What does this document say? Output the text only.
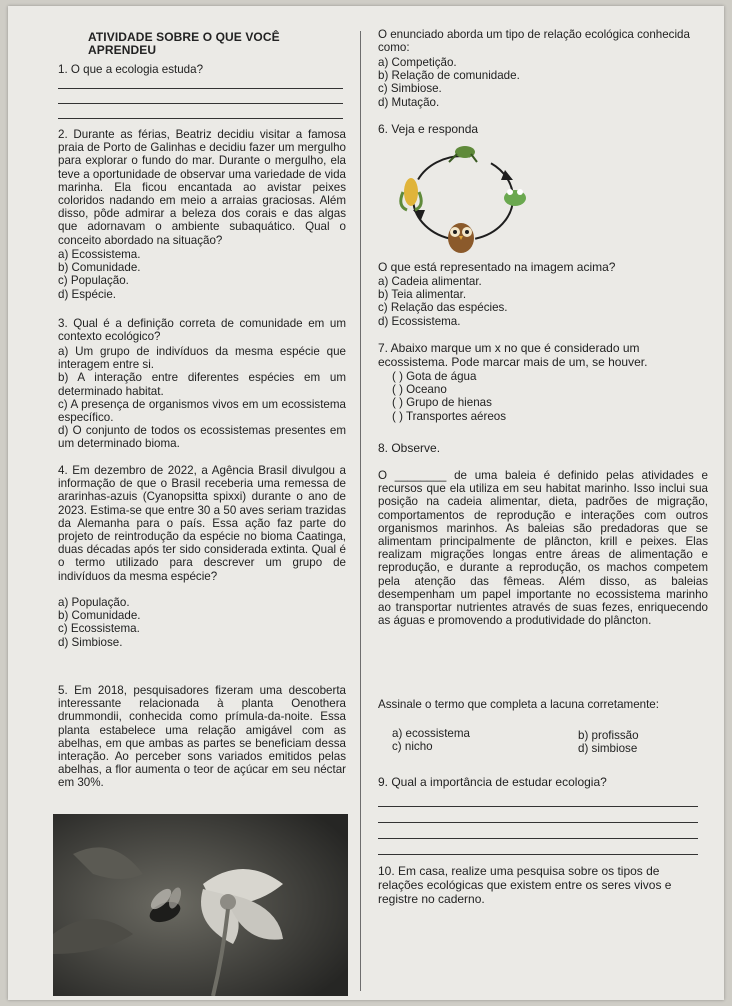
ATIVIDADE SOBRE O QUE VOCÊ APRENDEU

1. O que a ecologia estuda?

2. Durante as férias, Beatriz decidiu visitar a famosa praia de Porto de Galinhas e decidiu fazer um mergulho para explorar o fundo do mar. Durante o mergulho, ela teve a oportunidade de observar uma variedade de vida marinha. Ela ficou encantada ao avistar peixes coloridos nadando em meio a arraias graciosas. Além disso, pôde admirar a beleza dos corais e das algas que adornavam o ambiente subaquático. Qual o conceito abordado na situação?

a) Ecossistema.
b) Comunidade.
c) População.
d) Espécie.

3. Qual é a definição correta de comunidade em um contexto ecológico?

a) Um grupo de indivíduos da mesma espécie que interagem entre si.
b) A interação entre diferentes espécies em um determinado habitat.
c) A presença de organismos vivos em um ecossistema específico.
d) O conjunto de todos os ecossistemas presentes em um determinado bioma.

4. Em dezembro de 2022, a Agência Brasil divulgou a informação de que o Brasil receberia uma remessa de ararinhas-azuis (Cyanopsitta spixxi) durante o ano de 2023. Estima-se que entre 30 a 50 aves seriam trazidas da Alemanha para o país. Essa ação faz parte do projeto de reintrodução da espécie no bioma Caatinga, duas décadas após ter sido considerada extinta. Qual é o termo utilizado para descrever um grupo de indivíduos da mesma espécie?

a) População.
b) Comunidade.
c) Ecossistema.
d) Simbiose.

5. Em 2018, pesquisadores fizeram uma descoberta interessante relacionada à planta Oenothera drummondii, conhecida como prímula-da-noite. Essa planta estabelece uma relação amigável com as abelhas, em que ambas as partes se beneficiam dessa interação. Ao perceber sons variados emitidos pelas abelhas, a flor aumenta o teor de açúcar em seu néctar em 30%.

O enunciado aborda um tipo de relação ecológica conhecida como:

a) Competição.
b) Relação de comunidade.
c) Simbiose.
d) Mutação.

6. Veja e responda

O que está representado na imagem acima?

a) Cadeia alimentar.
b) Teia alimentar.
c) Relação das espécies.
d) Ecossistema.

7. Abaixo marque um x no que é considerado um ecossistema. Pode marcar mais de um, se houver.

( ) Gota de água
( ) Oceano
( ) Grupo de hienas
( ) Transportes aéreos

8. Observe.

O ________ de uma baleia é definido pelas atividades e recursos que ela utiliza em seu habitat marinho. Isso inclui sua posição na cadeia alimentar, dieta, padrões de migração, comportamentos de reprodução e interações com outros organismos marinhos. As baleias são predadoras que se alimentam principalmente de plâncton, krill e peixes. Elas realizam migrações longas entre áreas de alimentação e reprodução, e durante a reprodução, os machos competem pela atenção das fêmeas. Além disso, as baleias desempenham um papel importante no ecossistema marinho ao transportar nutrientes através de suas fezes, enriquecendo as águas e promovendo a produtividade do plâncton.

Assinale o termo que completa a lacuna corretamente:

a) ecossistema	b) profissão
c) nicho	d) simbiose

9. Qual a importância de estudar ecologia?

10. Em casa, realize uma pesquisa sobre os tipos de relações ecológicas que existem entre os seres vivos e registre no caderno.
